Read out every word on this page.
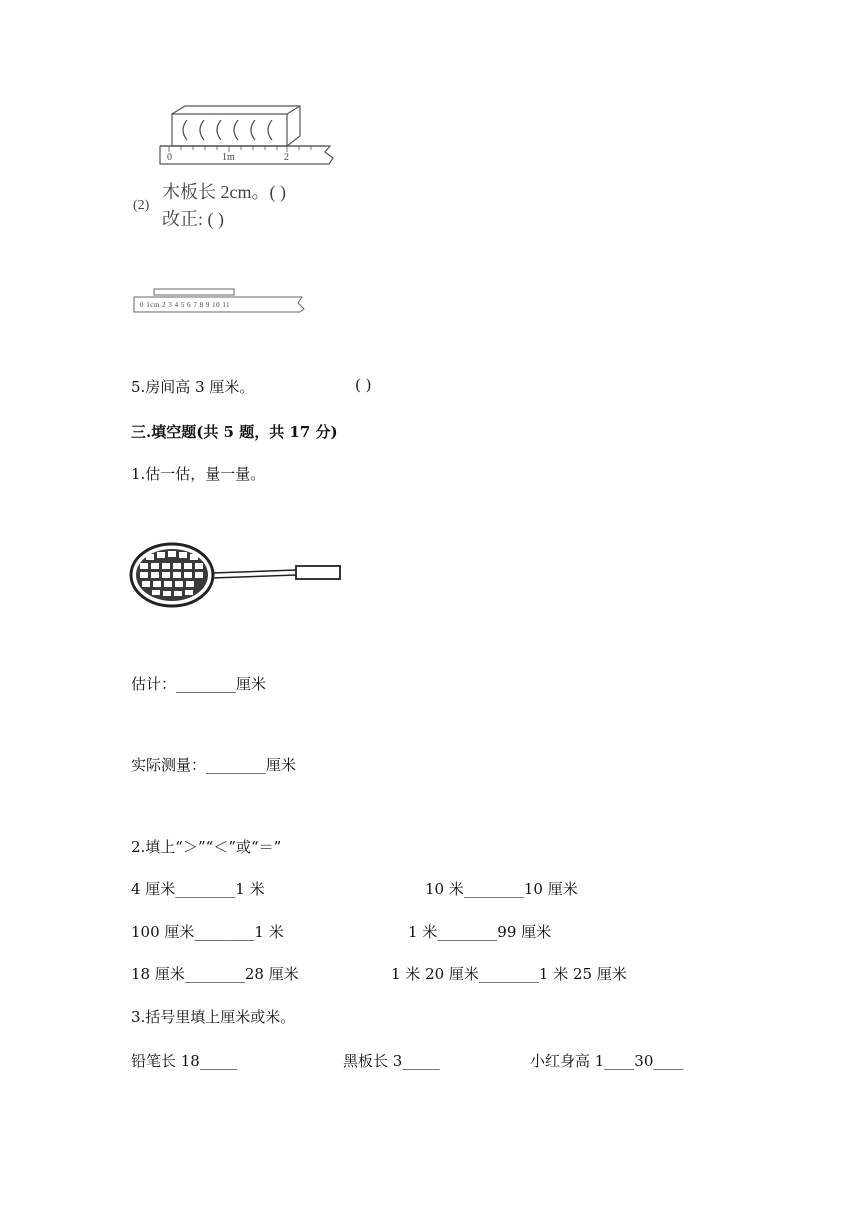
0	1m	2
(2)
木板长 2cm。( )
改正: ( )
0 1cm 2 3 4 5 6 7 8 9 10 11
5.房间高 3 厘米。	( )
三.填空题(共 5 题，共 17 分)
1.估一估，量一量。
估计：________厘米
实际测量：________厘米
2.填上“＞”“＜”或“＝”
4 厘米________1 米	10 米________10 厘米
100 厘米________1 米	1 米________99 厘米
18 厘米________28 厘米	1 米 20 厘米________1 米 25 厘米
3.括号里填上厘米或米。
铅笔长 18_____	黑板长 3_____	小红身高 1____30____
